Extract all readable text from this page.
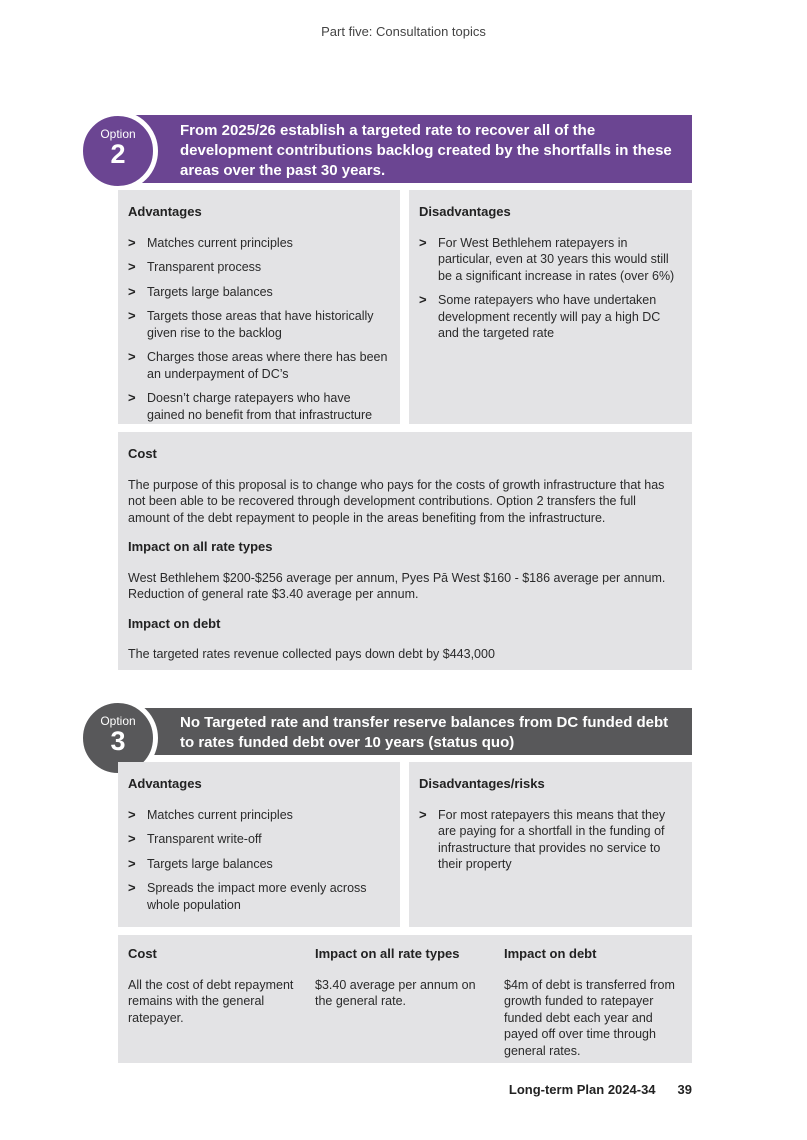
Part five: Consultation topics
From 2025/26 establish a targeted rate to recover all of the development contributions backlog created by the shortfalls in these areas over the past 30 years.
Option
2
Advantages
> Matches current principles
> Transparent process
> Targets large balances
> Targets those areas that have historically given rise to the backlog
> Charges those areas where there has been an underpayment of DC’s
> Doesn’t charge ratepayers who have gained no benefit from that infrastructure
Disadvantages
> For West Bethlehem ratepayers in particular, even at 30 years this would still be a significant increase in rates (over 6%)
> Some ratepayers who have undertaken development recently will pay a high DC and the targeted rate
Cost

The purpose of this proposal is to change who pays for the costs of growth infrastructure that has not been able to be recovered through development contributions. Option 2 transfers the full amount of the debt repayment to people in the areas benefiting from the infrastructure.

Impact on all rate types

West Bethlehem $200-$256 average per annum, Pyes Pā West $160 - $186 average per annum. Reduction of general rate $3.40 average per annum.

Impact on debt

The targeted rates revenue collected pays down debt by $443,000

No Targeted rate and transfer reserve balances from DC funded debt to rates funded debt over 10 years (status quo)
Option
3
Advantages
> Matches current principles
> Transparent write-off
> Targets large balances
> Spreads the impact more evenly across whole population
Disadvantages/risks
> For most ratepayers this means that they are paying for a shortfall in the funding of infrastructure that provides no service to their property
Cost

All the cost of debt repayment remains with the general ratepayer.

Impact on all rate types

$3.40 average per annum on the general rate.

Impact on debt

$4m of debt is transferred from growth funded to ratepayer funded debt each year and payed off over time through general rates.

Long-term Plan 2024-34 39
